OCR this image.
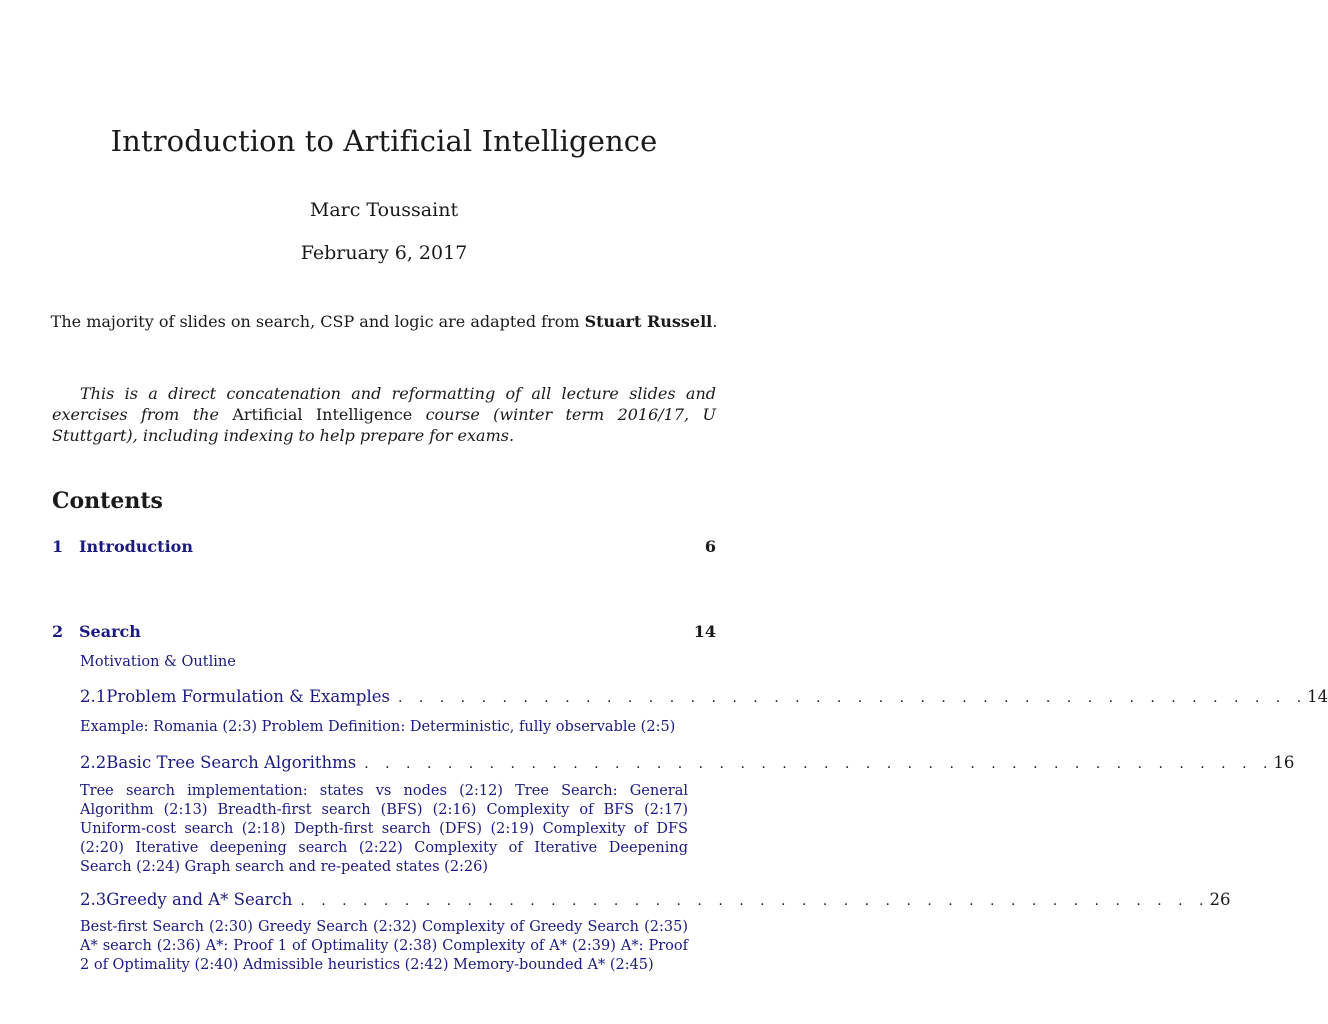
Introduction to Artificial Intelligence
Marc Toussaint
February 6, 2017
The majority of slides on search, CSP and logic are adapted from Stuart Russell.
This is a direct concatenation and reformatting of all lecture slides and exercises from the Artificial Intelligence course (winter term 2016/17, U Stuttgart), including indexing to help prepare for exams.
Contents
1 Introduction	6
2 Search	14
Motivation & Outline
2.1 Problem Formulation & Examples . . . . . . . . . . . . . . . . . . . . . . . . . . . . . . . . . . . . . . . . . . . . 14
Example: Romania (2:3) Problem Definition: Deterministic, fully observable (2:5)
2.2 Basic Tree Search Algorithms . . . . . . . . . . . . . . . . . . . . . . . . . . . . . . . . . . . . . . . . . . . . 16
Tree search implementation: states vs nodes (2:12) Tree Search: General Algorithm (2:13) Breadth-first search (BFS) (2:16) Complexity of BFS (2:17) Uniform-cost search (2:18) Depth-first search (DFS) (2:19) Complexity of DFS (2:20) Iterative deepening search (2:22) Complexity of Iterative Deepening Search (2:24) Graph search and re-peated states (2:26)
2.3 Greedy and A* Search . . . . . . . . . . . . . . . . . . . . . . . . . . . . . . . . . . . . . . . . . . . . 26
Best-first Search (2:30) Greedy Search (2:32) Complexity of Greedy Search (2:35) A* search (2:36) A*: Proof 1 of Optimality (2:38) Complexity of A* (2:39) A*: Proof 2 of Optimality (2:40) Admissible heuristics (2:42) Memory-bounded A* (2:45)
